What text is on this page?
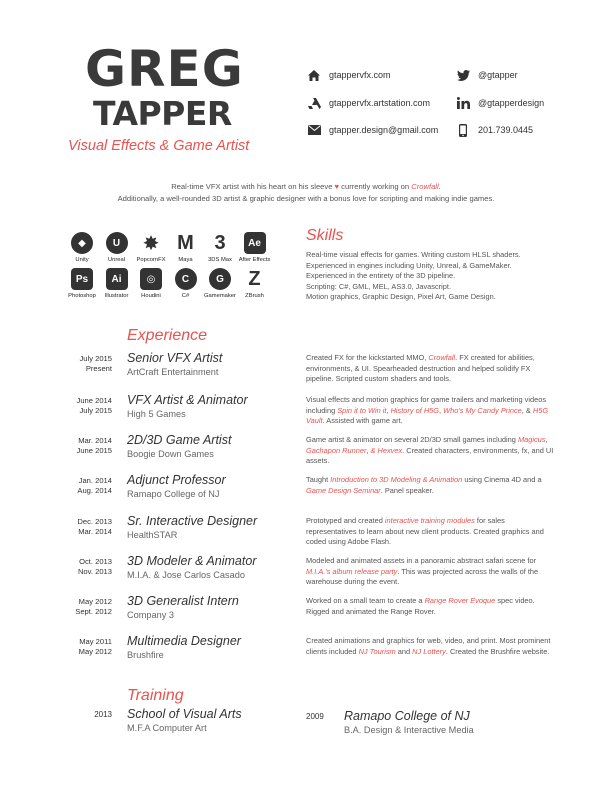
GREG
TAPPER
Visual Effects & Game Artist
Real-time VFX artist with his heart on his sleeve ♥ currently working on Crowfall.
Additionally, a well-rounded 3D artist & graphic designer with a bonus love for scripting and making indie games.
Skills
Real-time visual effects for games. Writing custom HLSL shaders.
Experienced in engines including Unity, Unreal, & GameMaker.
Experienced in the entirety of the 3D pipeline.
Scripting: C#, GML, MEL, AS3.0, Javascript.
Motion graphics, Graphic Design, Pixel Art, Game Design.
Experience
Training
gtappervfx.com
gtappervfx.artstation.com
gtapper.design@gmail.com
@gtapper
@gtapperdesign
201.739.0445
◆
Unity
U
Unreal
✸
PopcornFX
M
Maya
3
3DS Max
Ae
After Effects
Ps
Photoshop
Ai
Illustrator
◎
Houdini
C
C#
G
Gamemaker
Z
ZBrush
July 2015
Present
Senior VFX Artist
ArtCraft Entertainment
Created FX for the kickstarted MMO, Crowfall. FX created for abilities, environments, & UI. Spearheaded destruction and helped solidify FX pipeline. Scripted custom shaders and tools.
June 2014
July 2015
VFX Artist & Animator
High 5 Games
Visual effects and motion graphics for game trailers and marketing videos including Spin it to Win it, History of H5G, Who's My Candy Prince, & H5G Vault. Assisted with game art.
Mar. 2014
June 2015
2D/3D Game Artist
Boogie Down Games
Game artist & animator on several 2D/3D small games including Magicus, Gachapon Runner, & Hexvex. Created characters, environments, fx, and UI assets.
Jan. 2014
Aug. 2014
Adjunct Professor
Ramapo College of NJ
Taught Introduction to 3D Modeling & Animation using Cinema 4D and a Game Design Seminar. Panel speaker.
Dec. 2013
Mar. 2014
Sr. Interactive Designer
HealthSTAR
Prototyped and created interactive training modules for sales representatives to learn about new client products. Created graphics and coded using Adobe Flash.
Oct. 2013
Nov. 2013
3D Modeler & Animator
M.I.A. & Jose Carlos Casado
Modeled and animated assets in a panoramic abstract safari scene for M.I.A.'s album release party. This was projected across the walls of the warehouse during the event.
May 2012
Sept. 2012
3D Generalist Intern
Company 3
Worked on a small team to create a Range Rover Evoque spec video. Rigged and animated the Range Rover.
May 2011
May 2012
Multimedia Designer
Brushfire
Created animations and graphics for web, video, and print. Most prominent clients included NJ Tourism and NJ Lottery. Created the Brushfire website.
2013 School of Visual Arts
M.F.A Computer Art
2009 Ramapo College of NJ
B.A. Design & Interactive Media
